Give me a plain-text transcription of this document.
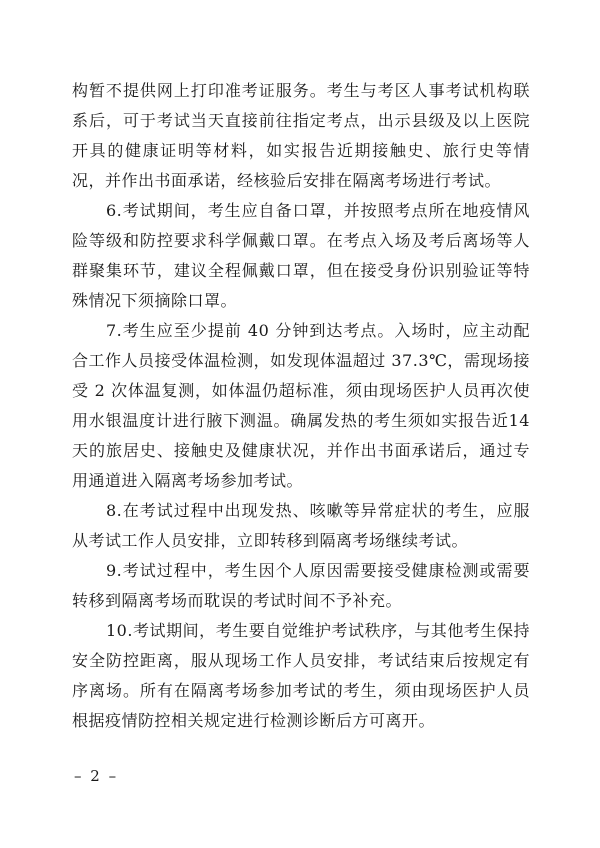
构暂不提供网上打印准考证服务。考生与考区人事考试机构联系后，可于考试当天直接前往指定考点，出示县级及以上医院开具的健康证明等材料，如实报告近期接触史、旅行史等情况，并作出书面承诺，经核验后安排在隔离考场进行考试。

6.考试期间，考生应自备口罩，并按照考点所在地疫情风险等级和防控要求科学佩戴口罩。在考点入场及考后离场等人群聚集环节，建议全程佩戴口罩，但在接受身份识别验证等特殊情况下须摘除口罩。

7.考生应至少提前 40 分钟到达考点。入场时，应主动配合工作人员接受体温检测，如发现体温超过 37.3℃，需现场接受 2 次体温复测，如体温仍超标准，须由现场医护人员再次使用水银温度计进行腋下测温。确属发热的考生须如实报告近14天的旅居史、接触史及健康状况，并作出书面承诺后，通过专用通道进入隔离考场参加考试。

8.在考试过程中出现发热、咳嗽等异常症状的考生，应服从考试工作人员安排，立即转移到隔离考场继续考试。

9.考试过程中，考生因个人原因需要接受健康检测或需要转移到隔离考场而耽误的考试时间不予补充。

10.考试期间，考生要自觉维护考试秩序，与其他考生保持安全防控距离，服从现场工作人员安排，考试结束后按规定有序离场。所有在隔离考场参加考试的考生，须由现场医护人员根据疫情防控相关规定进行检测诊断后方可离开。

– 2 –
